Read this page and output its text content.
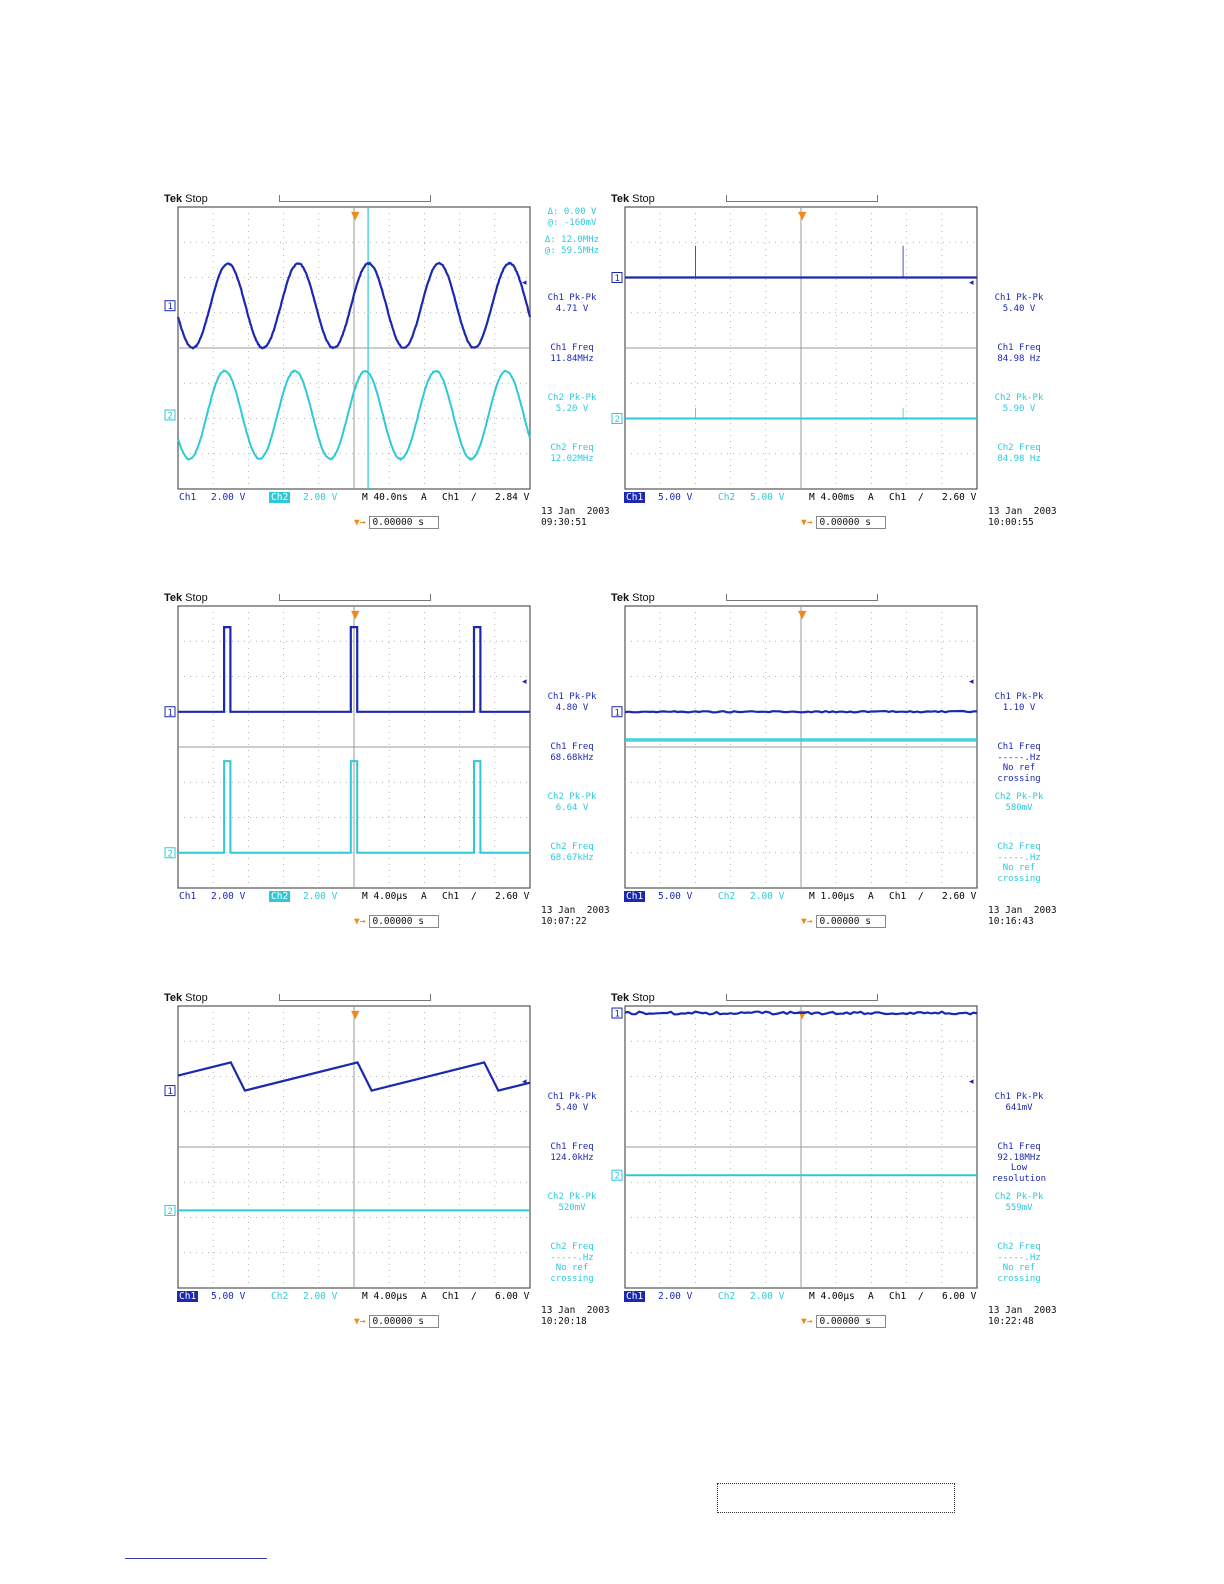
Tek Stop
▼
◂
1
2
Δ: 0.00 V
@: -160mV
Δ: 12.0MHz
@: 59.5MHz
Ch1 Pk-Pk
4.71 V
Ch1 Freq
11.84MHz
Ch2 Pk-Pk
5.20 V
Ch2 Freq
12.02MHz
Ch1 2.00 V	Ch2 2.00 V	M 40.0ns A Ch1 ∕ 2.84 V
13 Jan  2003
09:30:51
▼→ 0.00000 s
Tek Stop
▼
◂
1
2
Ch1 Pk-Pk
5.40 V
Ch1 Freq
84.98 Hz
Ch2 Pk-Pk
5.90 V
Ch2 Freq
84.98 Hz
Ch1 5.00 V	Ch2 5.00 V	M 4.00ms A Ch1 ∕ 2.60 V
13 Jan  2003
10:00:55
▼→ 0.00000 s
Tek Stop
▼
◂
1
2
Ch1 Pk-Pk
4.80 V
Ch1 Freq
68.68kHz
Ch2 Pk-Pk
6.64 V
Ch2 Freq
68.67kHz
Ch1 2.00 V	Ch2 2.00 V	M 4.00µs A Ch1 ∕ 2.60 V
13 Jan  2003
10:07:22
▼→ 0.00000 s
Tek Stop
▼
◂
1
Ch1 Pk-Pk
1.10 V
Ch1 Freq
-----.Hz
No ref
crossing
Ch2 Pk-Pk
580mV
Ch2 Freq
-----.Hz
No ref
crossing
Ch1 5.00 V	Ch2 2.00 V	M 1.00µs A Ch1 ∕ 2.60 V
13 Jan  2003
10:16:43
▼→ 0.00000 s
Tek Stop
▼
◂
1
2
Ch1 Pk-Pk
5.40 V
Ch1 Freq
124.0kHz
Ch2 Pk-Pk
520mV
Ch2 Freq
-----.Hz
No ref
crossing
Ch1 5.00 V	Ch2 2.00 V	M 4.00µs A Ch1 ∕ 6.00 V
13 Jan  2003
10:20:18
▼→ 0.00000 s
Tek Stop
▼
◂
1
2
Ch1 Pk-Pk
641mV
Ch1 Freq
92.18MHz
Low
resolution
Ch2 Pk-Pk
559mV
Ch2 Freq
-----.Hz
No ref
crossing
Ch1 2.00 V	Ch2 2.00 V	M 4.00µs A Ch1 ∕ 6.00 V
13 Jan  2003
10:22:48
▼→ 0.00000 s
